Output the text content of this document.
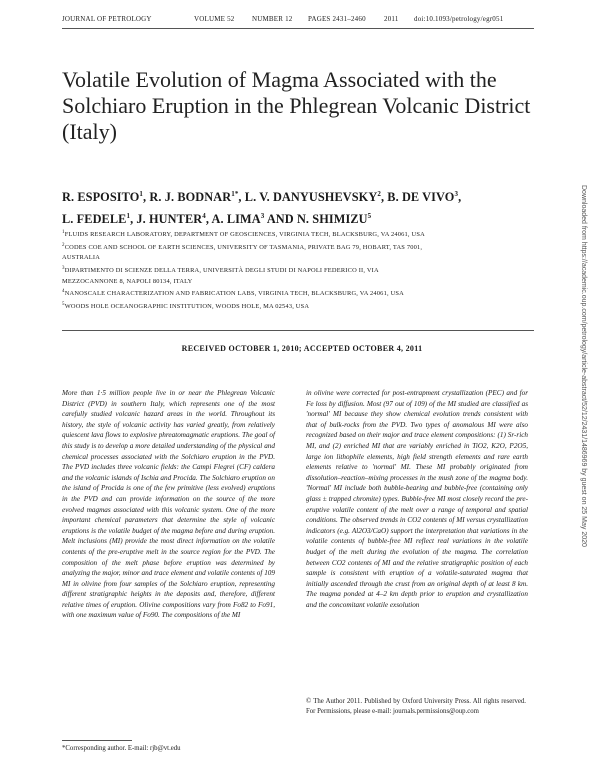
JOURNAL OF PETROLOGY	VOLUME 52	NUMBER 12 PAGES 2431–2460	2011 doi:10.1093/petrology/egr051
Volatile Evolution of Magma Associated with the Solchiaro Eruption in the Phlegrean Volcanic District (Italy)
R. ESPOSITO$^1$, R. J. $BODNAR^{1*}$, L. V. DANYUSHEVSKY$^2$, B. DE VIVO$^3$,
L. FEDELE$^1$, J. HUNTER$^4$, A. LIMA$^3$ AND N. SHIMIZU$^5$
$^1$FLUIDS RESEARCH LABORATORY, DEPARTMENT OF GEOSCIENCES, VIRGINIA TECH, BLACKSBURG, VA 24061, USA
$^2$CODES COE AND SCHOOL OF EARTH SCIENCES, UNIVERSITY OF TASMANIA, PRIVATE BAG 79, HOBART, TAS 7001,
AUSTRALIA
$^3$DIPARTIMENTO DI SCIENZE DELLA TERRA, UNIVERSITÀ DEGLI STUDI DI NAPOLI FEDERICO II, VIA
MEZZOCANNONE 8, NAPOLI 80134, ITALY
$^4$NANOSCALE CHARACTERIZATION AND FABRICATION LABS, VIRGINIA TECH, BLACKSBURG, VA 24061, USA
$^5$WOODS HOLE OCEANOGRAPHIC INSTITUTION, WOODS HOLE, MA 02543, USA
RECEIVED OCTOBER 1, 2010; ACCEPTED OCTOBER 4, 2011
More than 1·5 million people live in or near the Phlegrean Volcanic District (PVD) in southern Italy, which represents one of the most carefully studied volcanic hazard areas in the world. Throughout its history, the style of volcanic activity has varied greatly, from relatively quiescent lava flows to explosive phreatomagmatic eruptions. The goal of this study is to develop a more detailed understanding of the physical and chemical processes associated with the Solchiaro eruption in the PVD. The PVD includes three volcanic fields: the Campi Flegrei (CF) caldera and the volcanic islands of Ischia and Procida. The Solchiaro eruption on the island of Procida is one of the few primitive (less evolved) eruptions in the PVD and can provide information on the source of the more evolved magmas associated with this volcanic system. One of the more important chemical parameters that determine the style of volcanic eruptions is the volatile budget of the magma before and during eruption. Melt inclusions (MI) provide the most direct information on the volatile contents of the pre-eruptive melt in the source region for the PVD. The composition of the melt phase before eruption was determined by analyzing the major, minor and trace element and volatile contents of 109 MI in olivine from four samples of the Solchiaro eruption, representing different stratigraphic heights in the deposits and, therefore, different relative times of eruption. Olivine compositions vary from Fo82 to Fo91, with one maximum value of Fo90. The compositions of the MI
in olivine were corrected for post-entrapment crystallization (PEC) and for Fe loss by diffusion. Most (97 out of 109) of the MI studied are classified as 'normal' MI because they show chemical evolution trends consistent with that of bulk-rocks from the PVD. Two types of anomalous MI were also recognized based on their major and trace element compositions: (1) Sr-rich MI, and (2) enriched MI that are variably enriched in TiO2, K2O, P2O5, large ion lithophile elements, high field strength elements and rare earth elements relative to 'normal' MI. These MI probably originated from dissolution–reaction–mixing processes in the mush zone of the magma body. 'Normal' MI include both bubble-bearing and bubble-free (containing only glass ± trapped chromite) types. Bubble-free MI most closely record the pre-eruptive volatile content of the melt over a range of temporal and spatial conditions. The observed trends in CO2 contents of MI versus crystallization indicators (e.g. Al2O3/CaO) support the interpretation that variations in the volatile contents of bubble-free MI reflect real variations in the volatile budget of the melt during the evolution of the magma. The correlation between CO2 contents of MI and the relative stratigraphic position of each sample is consistent with eruption of a volatile-saturated magma that initially ascended through the crust from an original depth of at least 8 km. The magma ponded at 4–2 km depth prior to eruption and crystallization and the concomitant volatile exsolution
*Corresponding author. E-mail: rjb@vt.edu
© The Author 2011. Published by Oxford University Press. All rights reserved. For Permissions, please e-mail: journals.permissions@oup.com
Downloaded from https://academic.oup.com/petrology/article-abstract/52/12/2431/1486969 by guest on 25 May 2020
